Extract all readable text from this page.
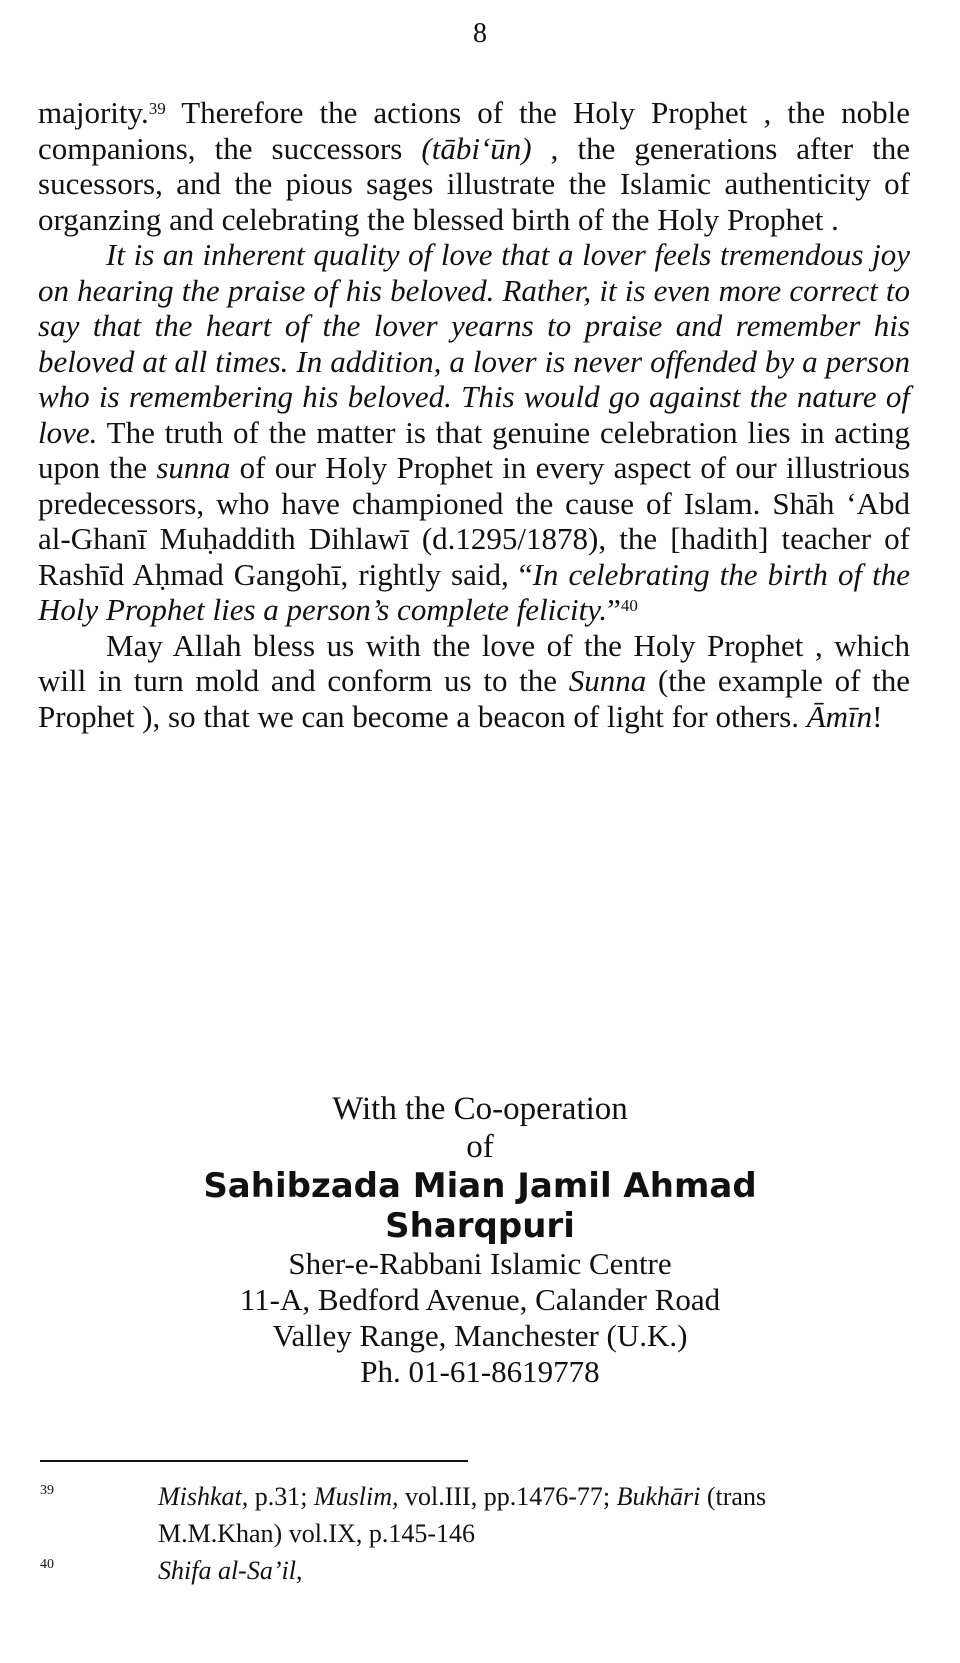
8

majority.$^{39}$ Therefore the actions of the Holy Prophet , the noble companions, the successors (tābi‘ūn) , the generations after the sucessors, and the pious sages illustrate the Islamic authenticity of organzing and celebrating the blessed birth of the Holy Prophet .

It is an inherent quality of love that a lover feels tremendous joy on hearing the praise of his beloved. Rather, it is even more correct to say that the heart of the lover yearns to praise and remember his beloved at all times. In addition, a lover is never offended by a person who is remembering his beloved. This would go against the nature of love. The truth of the matter is that genuine celebration lies in acting upon the sunna of our Holy Prophet in every aspect of our illustrious predecessors, who have championed the cause of Islam. Shāh ‘Abd al-Ghanī Muḥaddith Dihlawī (d.1295/1878), the [hadith] teacher of Rashīd Aḥmad Gangohī, rightly said, “In celebrating the birth of the Holy Prophet lies a person’s complete felicity.”$^{40}$

May Allah bless us with the love of the Holy Prophet , which will in turn mold and conform us to the Sunna (the example of the Prophet ), so that we can become a beacon of light for others. Āmīn!

With the Co-operation
of
Sahibzada Mian Jamil Ahmad
Sharqpuri
Sher-e-Rabbani Islamic Centre
11-A, Bedford Avenue, Calander Road
Valley Range, Manchester (U.K.)
Ph. 01-61-8619778
39	Mishkat, p.31; Muslim, vol.III, pp.1476-77; Bukhāri (trans
M.M.Khan) vol.IX, p.145-146
40	Shifa al-Sa’il,
